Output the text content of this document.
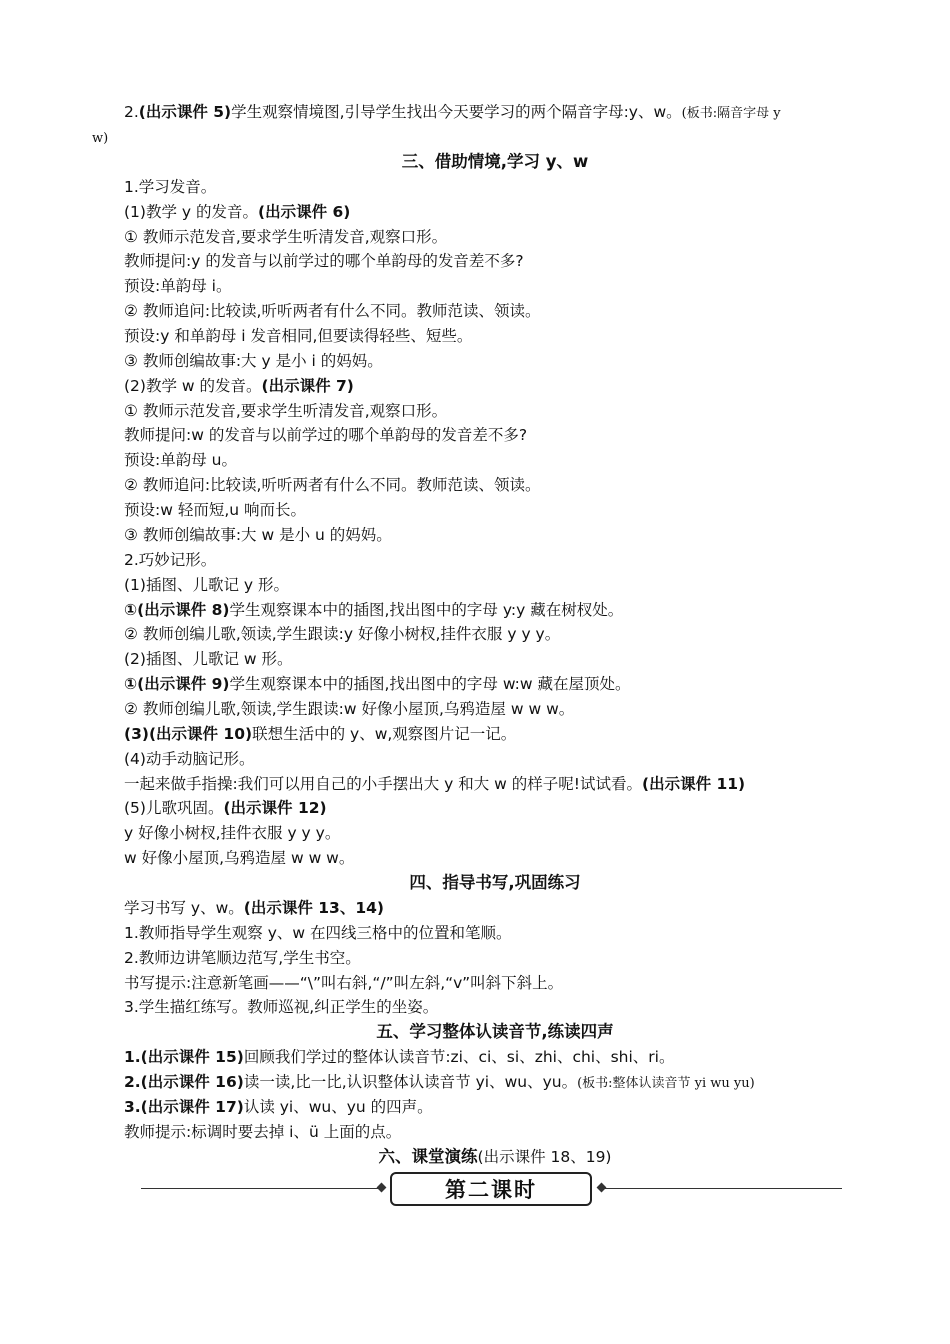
2.(出示课件 5)学生观察情境图,引导学生找出今天要学习的两个隔音字母:y、w。(板书:隔音字母 y
w)
三、借助情境,学习 y、w
1.学习发音。
(1)教学 y 的发音。(出示课件 6)
① 教师示范发音,要求学生听清发音,观察口形。
教师提问:y 的发音与以前学过的哪个单韵母的发音差不多?
预设:单韵母 i。
② 教师追问:比较读,听听两者有什么不同。教师范读、领读。
预设:y 和单韵母 i 发音相同,但要读得轻些、短些。
③ 教师创编故事:大 y 是小 i 的妈妈。
(2)教学 w 的发音。(出示课件 7)
① 教师示范发音,要求学生听清发音,观察口形。
教师提问:w 的发音与以前学过的哪个单韵母的发音差不多?
预设:单韵母 u。
② 教师追问:比较读,听听两者有什么不同。教师范读、领读。
预设:w 轻而短,u 响而长。
③ 教师创编故事:大 w 是小 u 的妈妈。
2.巧妙记形。
(1)插图、儿歌记 y 形。
①(出示课件 8)学生观察课本中的插图,找出图中的字母 y:y 藏在树杈处。
② 教师创编儿歌,领读,学生跟读:y 好像小树杈,挂件衣服 y y y。
(2)插图、儿歌记 w 形。
①(出示课件 9)学生观察课本中的插图,找出图中的字母 w:w 藏在屋顶处。
② 教师创编儿歌,领读,学生跟读:w 好像小屋顶,乌鸦造屋 w w w。
(3)(出示课件 10)联想生活中的 y、w,观察图片记一记。
(4)动手动脑记形。
一起来做手指操:我们可以用自己的小手摆出大 y 和大 w 的样子呢!试试看。(出示课件 11)
(5)儿歌巩固。(出示课件 12)
y 好像小树杈,挂件衣服 y y y。
w 好像小屋顶,乌鸦造屋 w w w。
四、指导书写,巩固练习
学习书写 y、w。(出示课件 13、14)
1.教师指导学生观察 y、w 在四线三格中的位置和笔顺。
2.教师边讲笔顺边范写,学生书空。
书写提示:注意新笔画——“\”叫右斜,“/”叫左斜,“v”叫斜下斜上。
3.学生描红练写。教师巡视,纠正学生的坐姿。
五、学习整体认读音节,练读四声
1.(出示课件 15)回顾我们学过的整体认读音节:zi、ci、si、zhi、chi、shi、ri。
2.(出示课件 16)读一读,比一比,认识整体认读音节 yi、wu、yu。(板书:整体认读音节 yi wu yu)
3.(出示课件 17)认读 yi、wu、yu 的四声。
教师提示:标调时要去掉 i、ü 上面的点。
六、课堂演练(出示课件 18、19)
第二课时
